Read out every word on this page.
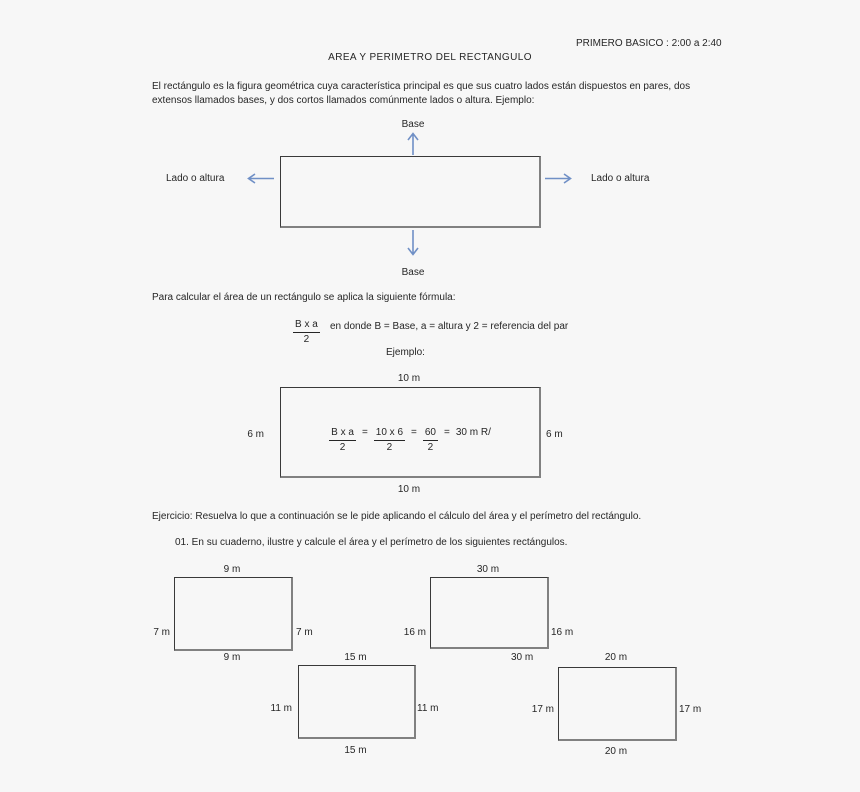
PRIMERO BASICO : 2:00 a 2:40
AREA Y PERIMETRO DEL RECTANGULO
El rectángulo es la figura geométrica cuya característica principal es que sus cuatro lados están dispuestos en pares, dos
extensos llamados bases, y dos cortos llamados comúnmente lados o altura. Ejemplo:
Base
Lado o altura	Lado o altura
Base
Para calcular el área de un rectángulo se aplica la siguiente fórmula:
$\frac{\text{B x a}}{2}$ en donde B = Base, a = altura y 2 = referencia del par
Ejemplo:
10 m
$\frac{\text{B x a}}{2} = \frac{10 x 6}{2} = \frac{60}{2} = 30$ m R/
6 m	6 m
10 m
Ejercicio: Resuelva lo que a continuación se le pide aplicando el cálculo del área y el perímetro del rectángulo.
01. En su cuaderno, ilustre y calcule el área y el perímetro de los siguientes rectángulos.
9 m
7 m	7 m
9 m
30 m
16 m	16 m
30 m
15 m
11 m	11 m
15 m
20 m
17 m	17 m
20 m
